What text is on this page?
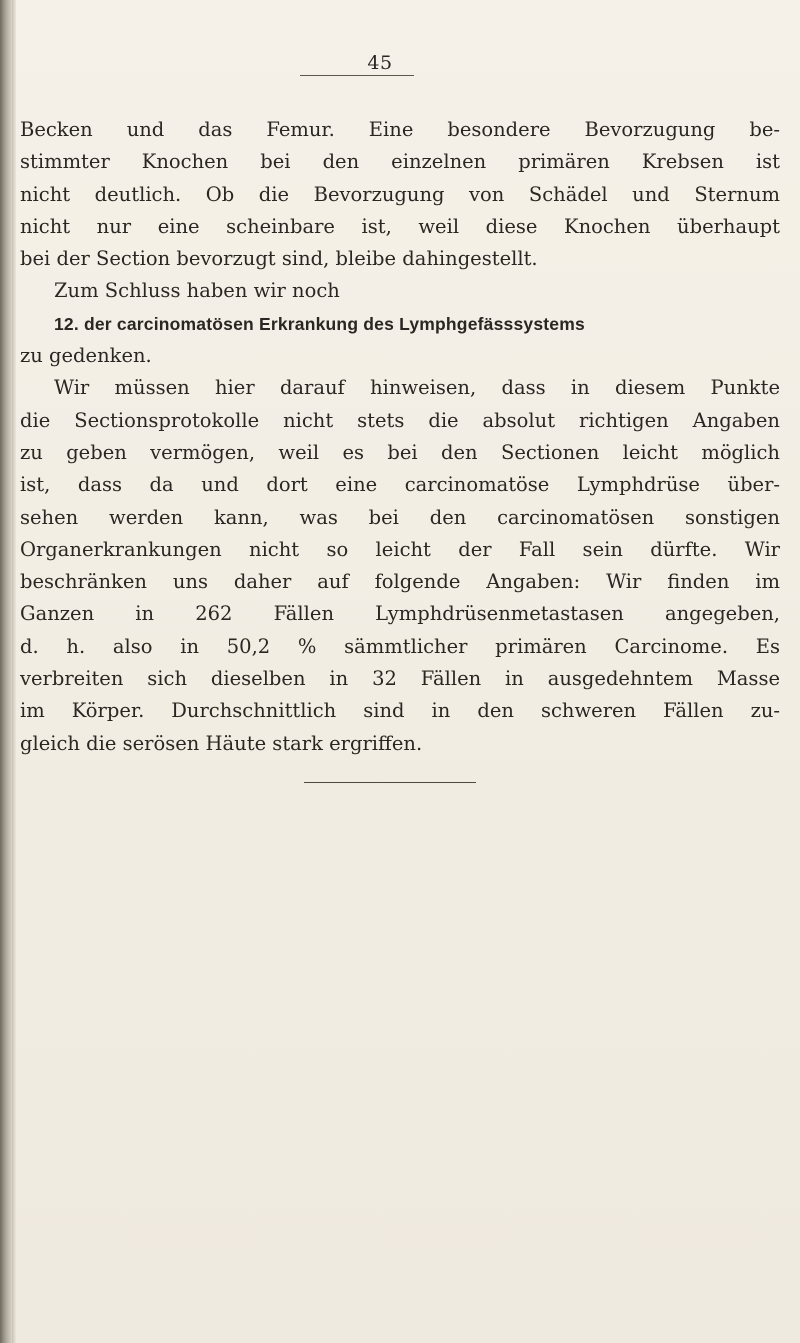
45
Becken und das Femur. Eine besondere Bevorzugung be-
stimmter Knochen bei den einzelnen primären Krebsen ist
nicht deutlich. Ob die Bevorzugung von Schädel und Sternum
nicht nur eine scheinbare ist, weil diese Knochen überhaupt
bei der Section bevorzugt sind, bleibe dahingestellt.
Zum Schluss haben wir noch
12. der carcinomatösen Erkrankung des Lymphgefässsystems
zu gedenken.
Wir müssen hier darauf hinweisen, dass in diesem Punkte
die Sectionsprotokolle nicht stets die absolut richtigen Angaben
zu geben vermögen, weil es bei den Sectionen leicht möglich
ist, dass da und dort eine carcinomatöse Lymphdrüse über-
sehen werden kann, was bei den carcinomatösen sonstigen
Organerkrankungen nicht so leicht der Fall sein dürfte. Wir
beschränken uns daher auf folgende Angaben: Wir finden im
Ganzen in 262 Fällen Lymphdrüsenmetastasen angegeben,
d. h. also in 50,2 % sämmtlicher primären Carcinome. Es
verbreiten sich dieselben in 32 Fällen in ausgedehntem Masse
im Körper. Durchschnittlich sind in den schweren Fällen zu-
gleich die serösen Häute stark ergriffen.
